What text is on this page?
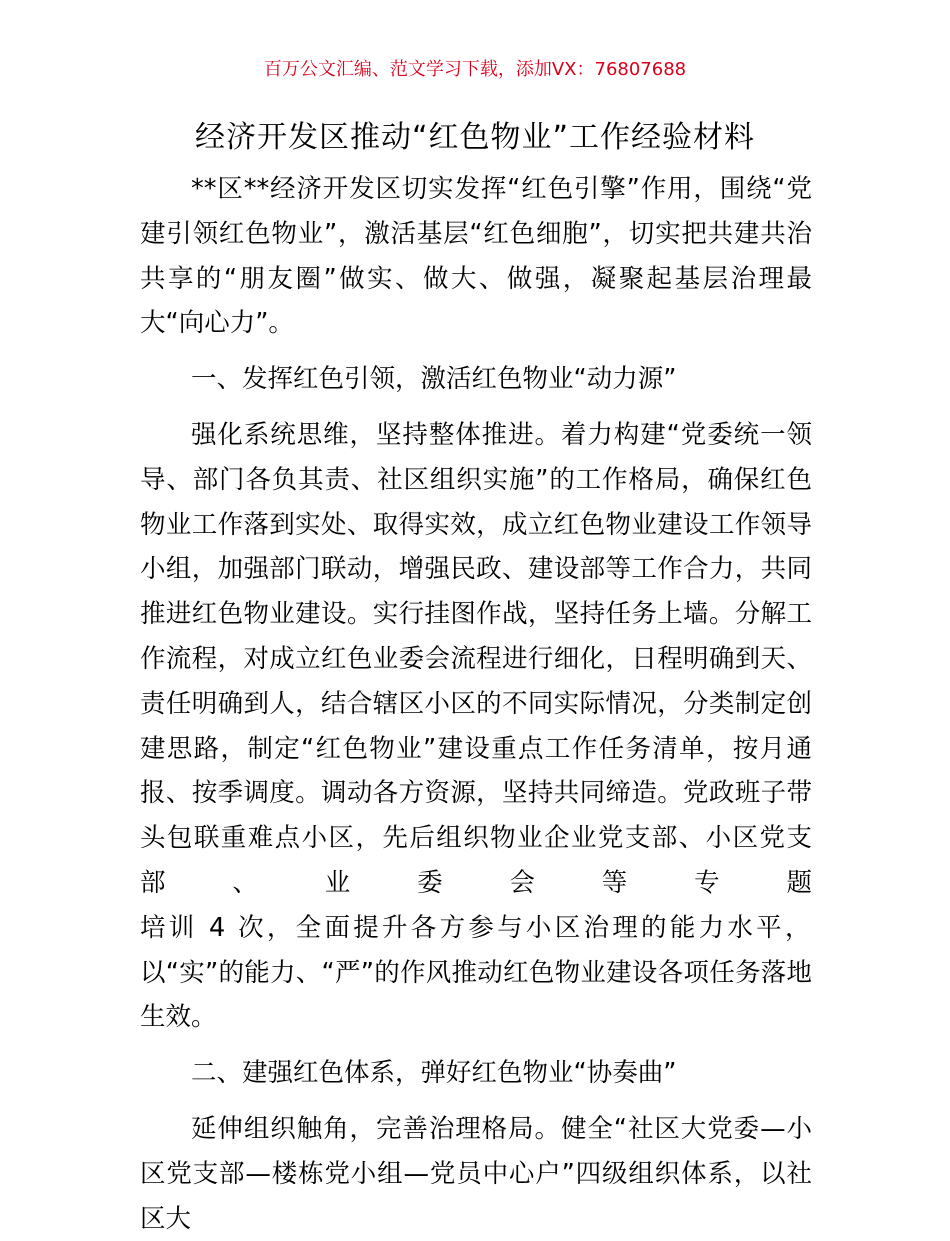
百万公文汇编、范文学习下载，添加VX：76807688
经济开发区推动“红色物业”工作经验材料

**区**经济开发区切实发挥“红色引擎”作用，围绕“党建引领红色物业”，激活基层“红色细胞”，切实把共建共治共享的“朋友圈”做实、做大、做强，凝聚起基层治理最大“向心力”。

一、发挥红色引领，激活红色物业“动力源”

强化系统思维，坚持整体推进。着力构建“党委统一领导、部门各负其责、社区组织实施”的工作格局，确保红色物业工作落到实处、取得实效，成立红色物业建设工作领导小组，加强部门联动，增强民政、建设部等工作合力，共同推进红色物业建设。实行挂图作战，坚持任务上墙。分解工作流程，对成立红色业委会流程进行细化，日程明确到天、责任明确到人，结合辖区小区的不同实际情况，分类制定创建思路，制定“红色物业”建设重点工作任务清单，按月通报、按季调度。调动各方资源，坚持共同缔造。党政班子带头包联重难点小区，先后组织物业企业党支部、小区党支部、业委会等专题

培训 4 次，全面提升各方参与小区治理的能力水平，

以“实”的能力、“严”的作风推动红色物业建设各项任务落地生效。

二、建强红色体系，弹好红色物业“协奏曲”

延伸组织触角，完善治理格局。健全“社区大党委—小区党支部—楼栋党小组—党员中心户”四级组织体系，以社区大
